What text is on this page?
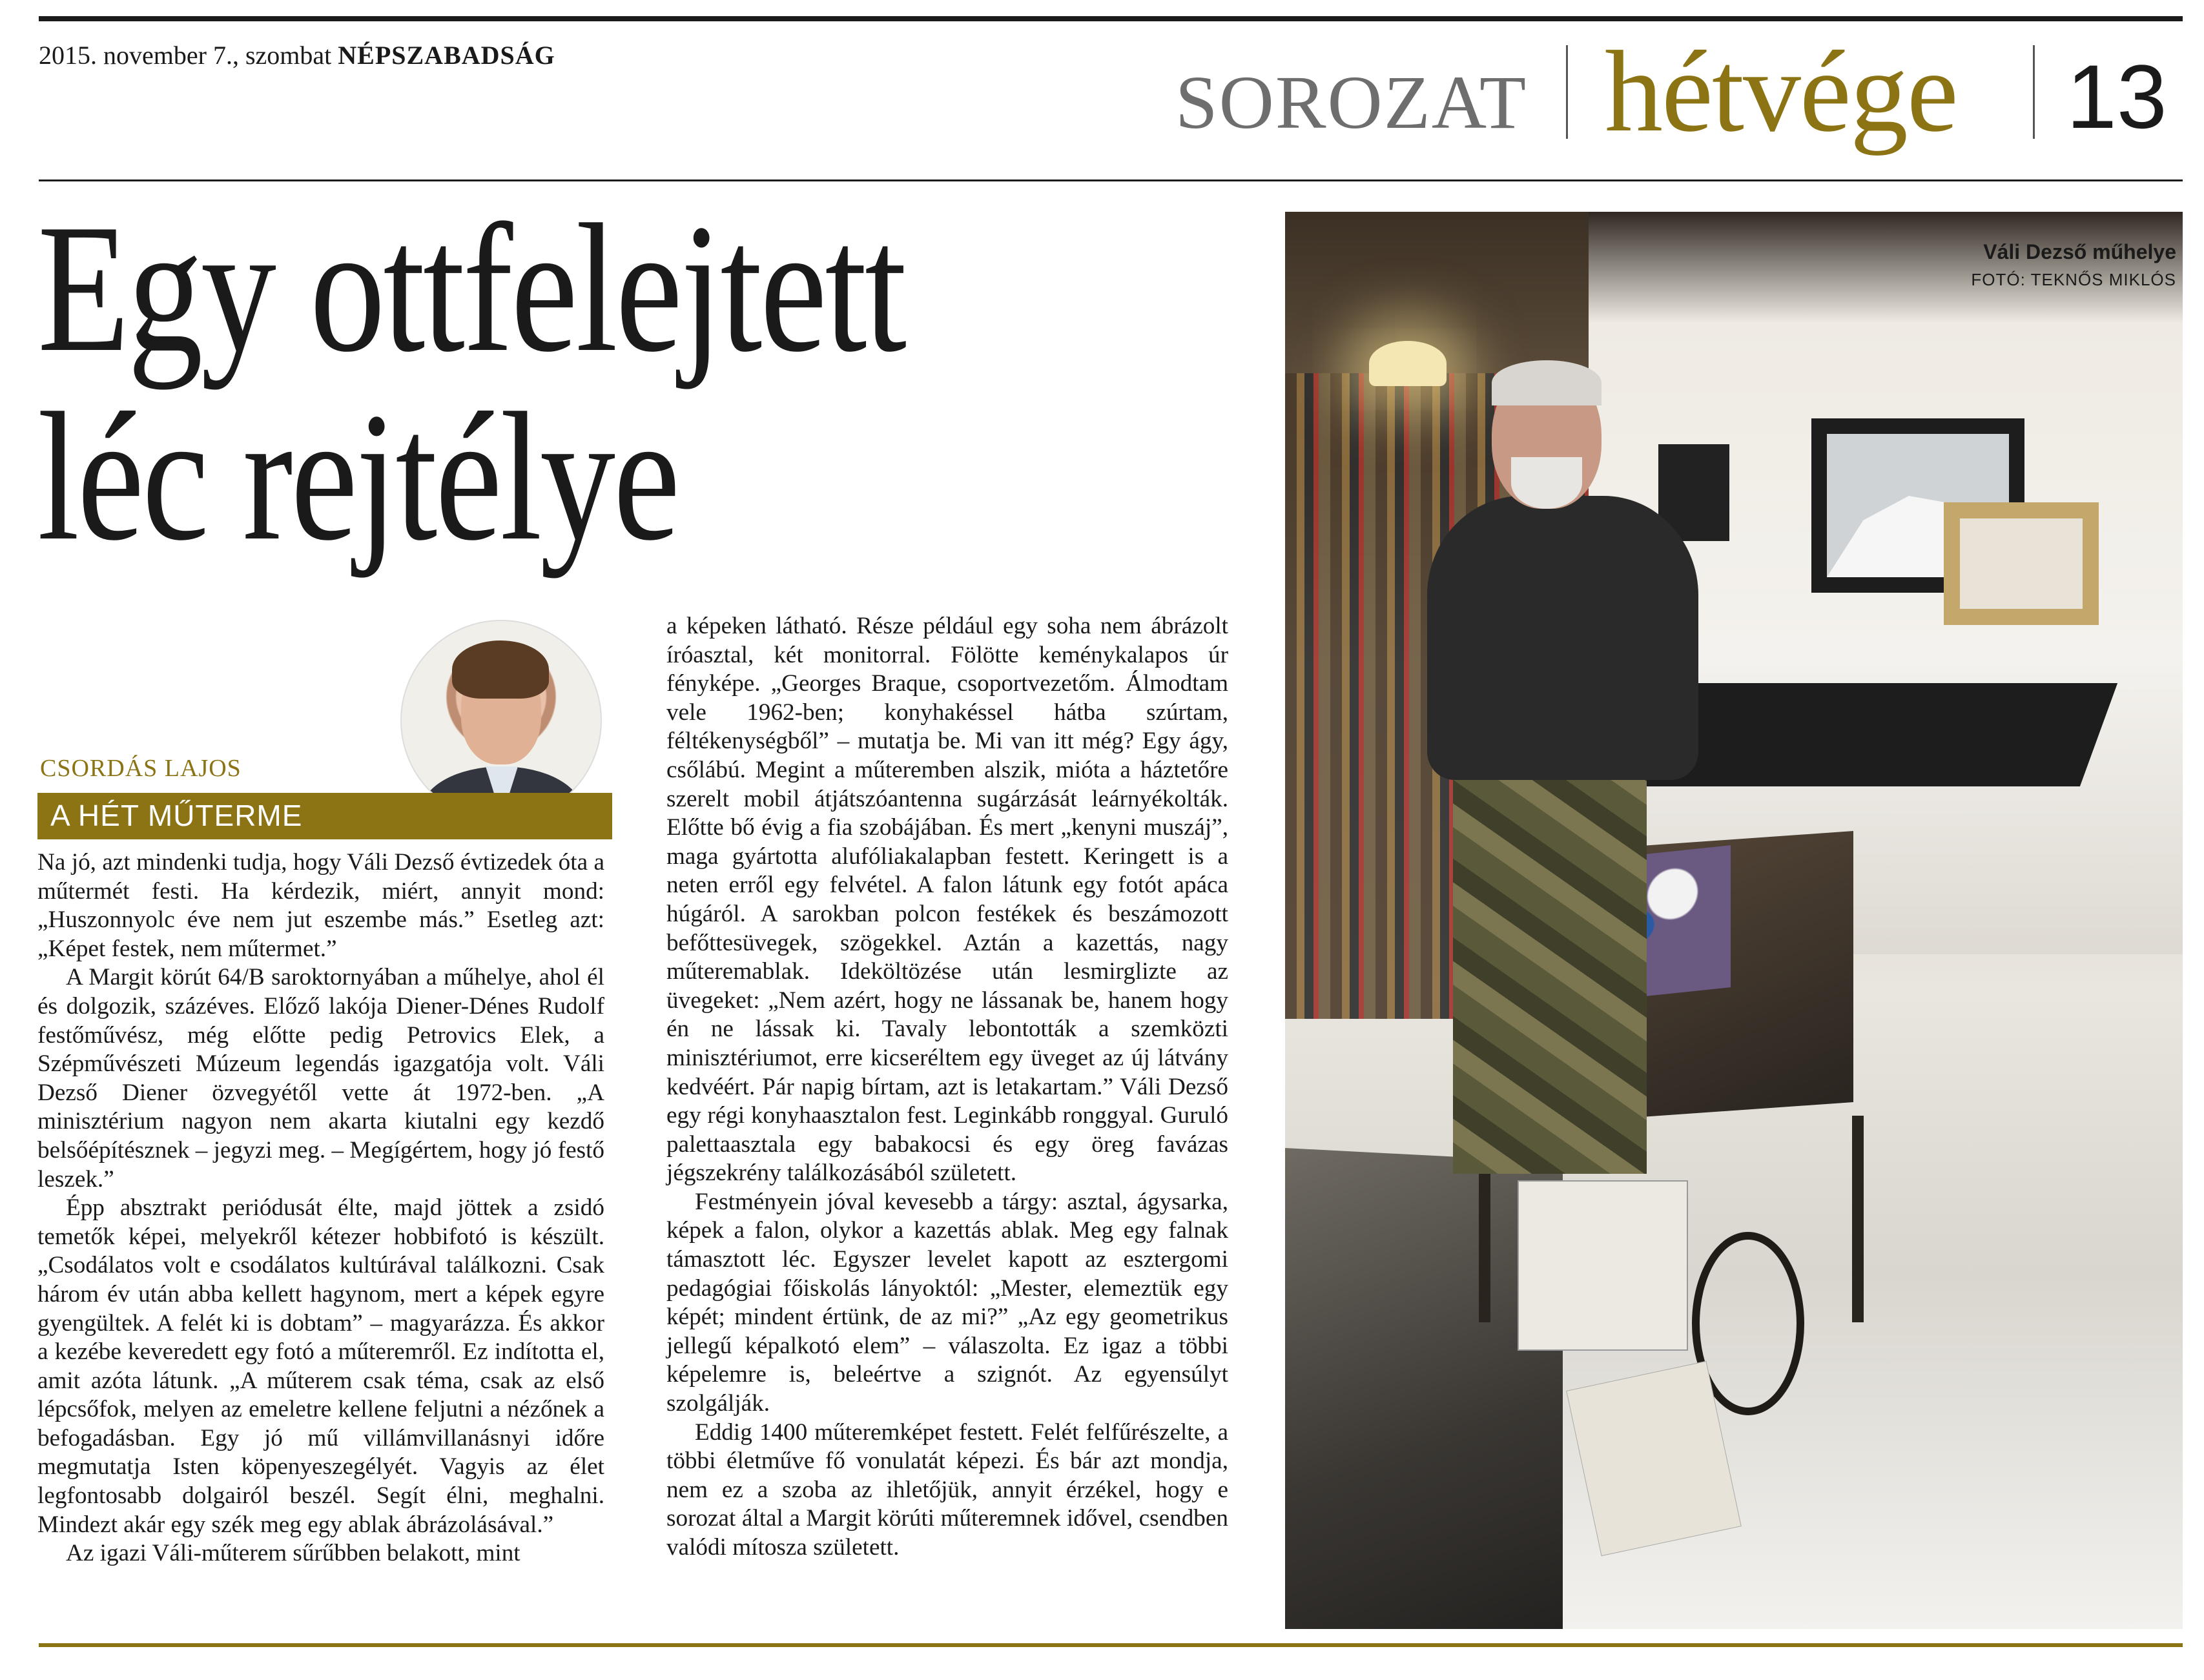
2015. november 7., szombat NÉPSZABADSÁG
SOROZAT hétvége 13
Egy ottfelejtett
léc rejtélye
CSORDÁS LAJOS
A HÉT MŰTERME

Na jó, azt mindenki tudja, hogy Váli Dezső évtizedek óta a műtermét festi. Ha kérdezik, miért, annyit mond: „Huszonnyolc éve nem jut eszembe más.” Esetleg azt: „Képet festek, nem műtermet.”

A Margit körút 64/B saroktornyában a műhelye, ahol él és dolgozik, százéves. Előző lakója Diener-Dénes Rudolf festőművész, még előtte pedig Petrovics Elek, a Szépművészeti Múzeum legendás igazgatója volt. Váli Dezső Diener özvegyétől vette át 1972-ben. „A minisztérium nagyon nem akarta kiutalni egy kezdő belsőépítésznek – jegyzi meg. – Megígértem, hogy jó festő leszek.”

Épp absztrakt periódusát élte, majd jöttek a zsidó temetők képei, melyekről kétezer hobbifotó is készült. „Csodálatos volt e csodálatos kultúrával találkozni. Csak három év után abba kellett hagynom, mert a képek egyre gyengültek. A felét ki is dobtam” – magyarázza. És akkor a kezébe keveredett egy fotó a műteremről. Ez indította el, amit azóta látunk. „A műterem csak téma, csak az első lépcsőfok, melyen az emeletre kellene feljutni a nézőnek a befogadásban. Egy jó mű villámvillanásnyi időre megmutatja Isten köpenyeszegélyét. Vagyis az élet legfontosabb dolgairól beszél. Segít élni, meghalni. Mindezt akár egy szék meg egy ablak ábrázolásával.”

Az igazi Váli-műterem sűrűbben belakott, mint

a képeken látható. Része például egy soha nem ábrázolt íróasztal, két monitorral. Fölötte keménykalapos úr fényképe. „Georges Braque, csoportvezetőm. Álmodtam vele 1962-ben; konyhakéssel hátba szúrtam, féltékenységből” – mutatja be. Mi van itt még? Egy ágy, csőlábú. Megint a műteremben alszik, mióta a háztetőre szerelt mobil átjátszóantenna sugárzását leárnyékolták. Előtte bő évig a fia szobájában. És mert „kenyni muszáj”, maga gyártotta alufóliakalapban festett. Keringett is a neten erről egy felvétel. A falon látunk egy fotót apáca húgáról. A sarokban polcon festékek és beszámozott befőttesüvegek, szögekkel. Aztán a kazettás, nagy műteremablak. Ideköltözése után lesmirglizte az üvegeket: „Nem azért, hogy ne lássanak be, hanem hogy én ne lássak ki. Tavaly lebontották a szemközti minisztériumot, erre kicseréltem egy üveget az új látvány kedvéért. Pár napig bírtam, azt is letakartam.” Váli Dezső egy régi konyhaasztalon fest. Leginkább ronggyal. Guruló palettaasztala egy babakocsi és egy öreg favázas jégszekrény találkozásából született.

Festményein jóval kevesebb a tárgy: asztal, ágysarka, képek a falon, olykor a kazettás ablak. Meg egy falnak támasztott léc. Egyszer levelet kapott az esztergomi pedagógiai főiskolás lányoktól: „Mester, elemeztük egy képét; mindent értünk, de az mi?” „Az egy geometrikus jellegű képalkotó elem” – válaszolta. Ez igaz a többi képelemre is, beleértve a szignót. Az egyensúlyt szolgálják.

Eddig 1400 műteremképet festett. Felét felfűrészelte, a többi életműve fő vonulatát képezi. És bár azt mondja, nem ez a szoba az ihletőjük, annyit érzékel, hogy e sorozat által a Margit körúti műteremnek idővel, csendben valódi mítosza született.

Váli Dezső műhelye
FOTÓ: TEKNŐS MIKLÓS
